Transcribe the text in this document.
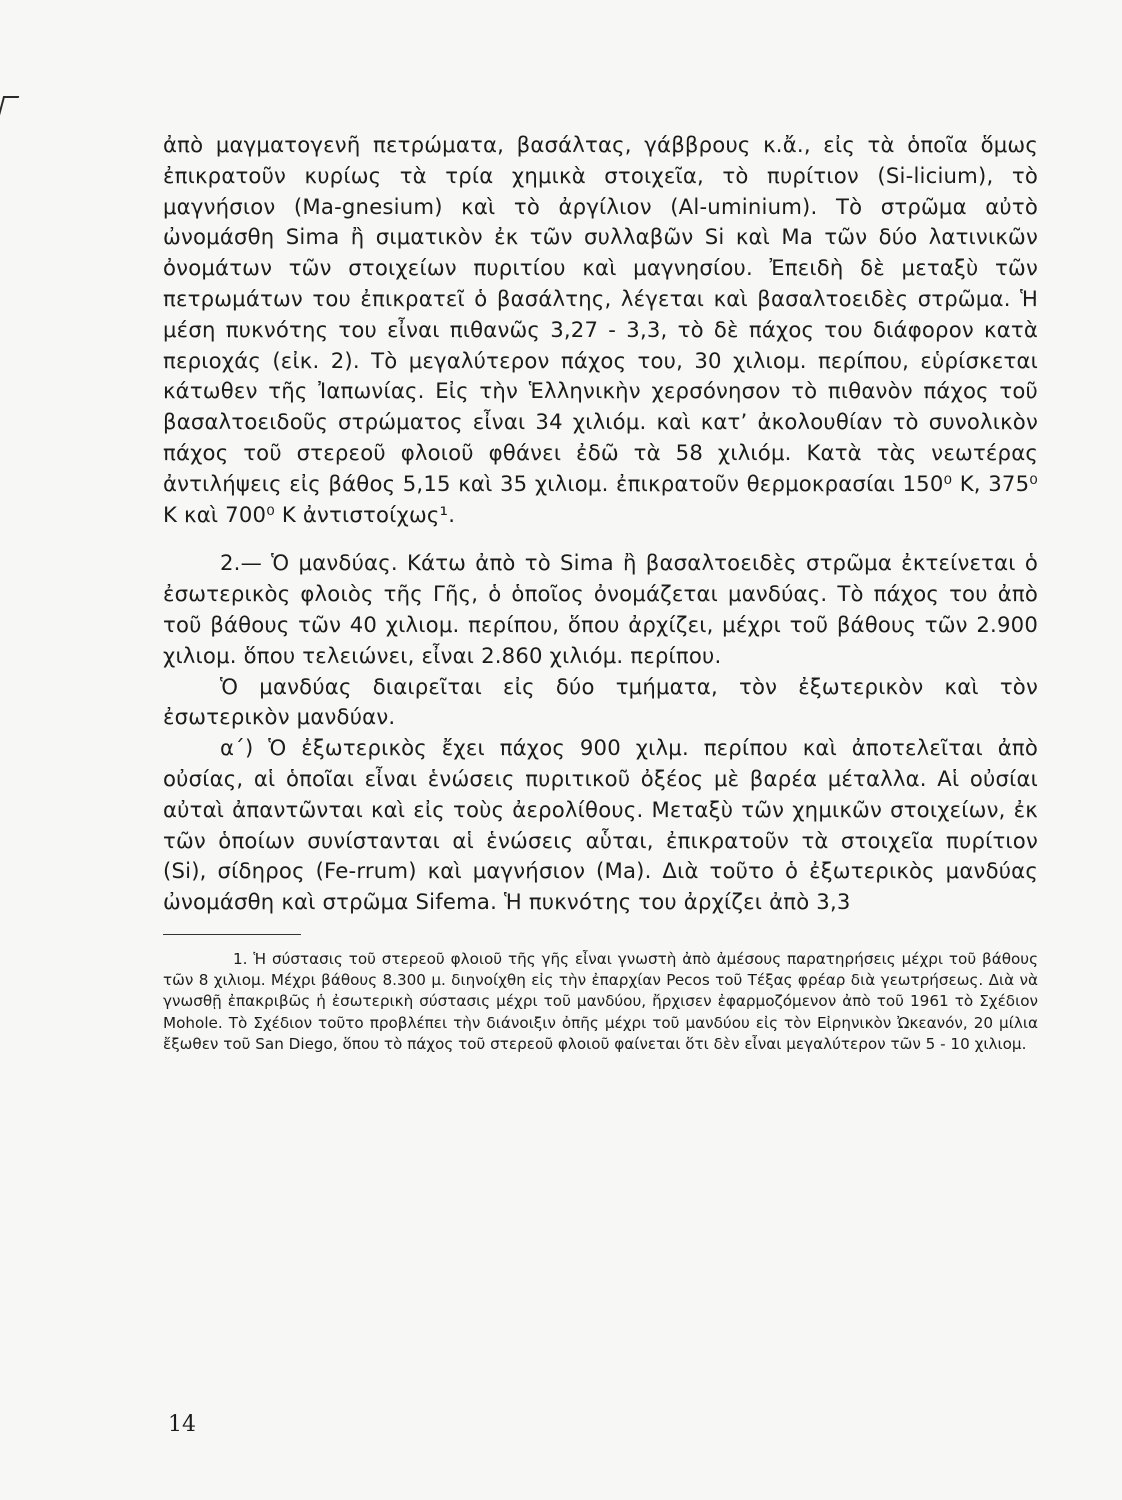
ἀπὸ μαγματογενῆ πετρώματα, βασάλτας, γάββρους κ.ἄ., εἰς τὰ ὁποῖα ὅμως ἐπικρατοῦν κυρίως τὰ τρία χημικὰ στοιχεῖα, τὸ πυρίτιον (Si-licium), τὸ μαγνήσιον (Ma-gnesium) καὶ τὸ ἀργίλιον (Al-uminium). Τὸ στρῶμα αὐτὸ ὠνομάσθη Sima ἢ σιματικὸν ἐκ τῶν συλλαβῶν Si καὶ Ma τῶν δύο λατινικῶν ὀνομάτων τῶν στοιχείων πυριτίου καὶ μαγνησίου. Ἐπειδὴ δὲ μεταξὺ τῶν πετρωμάτων του ἐπικρατεῖ ὁ βασάλτης, λέγεται καὶ βασαλτοειδὲς στρῶμα. Ἡ μέση πυκνότης του εἶναι πιθανῶς 3,27 - 3,3, τὸ δὲ πάχος του διάφορον κατὰ περιοχάς (εἰκ. 2). Τὸ μεγαλύτερον πάχος του, 30 χιλιομ. περίπου, εὑρίσκεται κάτωθεν τῆς Ἰαπωνίας. Εἰς τὴν Ἑλληνικὴν χερσόνησον τὸ πιθανὸν πάχος τοῦ βασαλτοειδοῦς στρώματος εἶναι 34 χιλιόμ. καὶ κατ’ ἀκολουθίαν τὸ συνολικὸν πάχος τοῦ στερεοῦ φλοιοῦ φθάνει ἐδῶ τὰ 58 χιλιόμ. Κατὰ τὰς νεωτέρας ἀντιλήψεις εἰς βάθος 5,15 καὶ 35 χιλιομ. ἐπικρατοῦν θερμοκρασίαι 150⁰ K, 375⁰ K καὶ 700⁰ K ἀντιστοίχως¹.

2.— Ὁ μανδύας. Κάτω ἀπὸ τὸ Sima ἢ βασαλτοειδὲς στρῶμα ἐκτείνεται ὁ ἐσωτερικὸς φλοιὸς τῆς Γῆς, ὁ ὁποῖος ὀνομάζεται μανδύας. Τὸ πάχος του ἀπὸ τοῦ βάθους τῶν 40 χιλιομ. περίπου, ὅπου ἀρχίζει, μέχρι τοῦ βάθους τῶν 2.900 χιλιομ. ὅπου τελειώνει, εἶναι 2.860 χιλιόμ. περίπου.

Ὁ μανδύας διαιρεῖται εἰς δύο τμήματα, τὸν ἐξωτερικὸν καὶ τὸν ἐσωτερικὸν μανδύαν.

α΄) Ὁ ἐξωτερικὸς ἔχει πάχος 900 χιλμ. περίπου καὶ ἀποτελεῖται ἀπὸ οὐσίας, αἱ ὁποῖαι εἶναι ἑνώσεις πυριτικοῦ ὀξέος μὲ βαρέα μέταλλα. Αἱ οὐσίαι αὐταὶ ἀπαντῶνται καὶ εἰς τοὺς ἀερολίθους. Μεταξὺ τῶν χημικῶν στοιχείων, ἐκ τῶν ὁποίων συνίστανται αἱ ἑνώσεις αὗται, ἐπικρατοῦν τὰ στοιχεῖα πυρίτιον (Si), σίδηρος (Fe-rrum) καὶ μαγνήσιον (Ma). Διὰ τοῦτο ὁ ἐξωτερικὸς μανδύας ὠνομάσθη καὶ στρῶμα Sifema. Ἡ πυκνότης του ἀρχίζει ἀπὸ 3,3

1. Ἡ σύστασις τοῦ στερεοῦ φλοιοῦ τῆς γῆς εἶναι γνωστὴ ἀπὸ ἀμέσους παρατηρήσεις μέχρι τοῦ βάθους τῶν 8 χιλιομ. Μέχρι βάθους 8.300 μ. διηνοίχθη εἰς τὴν ἐπαρχίαν Pecos τοῦ Τέξας φρέαρ διὰ γεωτρήσεως. Διὰ νὰ γνωσθῇ ἐπακριβῶς ἡ ἐσωτερικὴ σύστασις μέχρι τοῦ μανδύου, ἤρχισεν ἐφαρμοζόμενον ἀπὸ τοῦ 1961 τὸ Σχέδιον Mohole. Τὸ Σχέδιον τοῦτο προβλέπει τὴν διάνοιξιν ὀπῆς μέχρι τοῦ μανδύου εἰς τὸν Εἰρηνικὸν Ὠκεανόν, 20 μίλια ἔξωθεν τοῦ San Diego, ὅπου τὸ πάχος τοῦ στερεοῦ φλοιοῦ φαίνεται ὅτι δὲν εἶναι μεγαλύτερον τῶν 5 - 10 χιλιομ.

14
